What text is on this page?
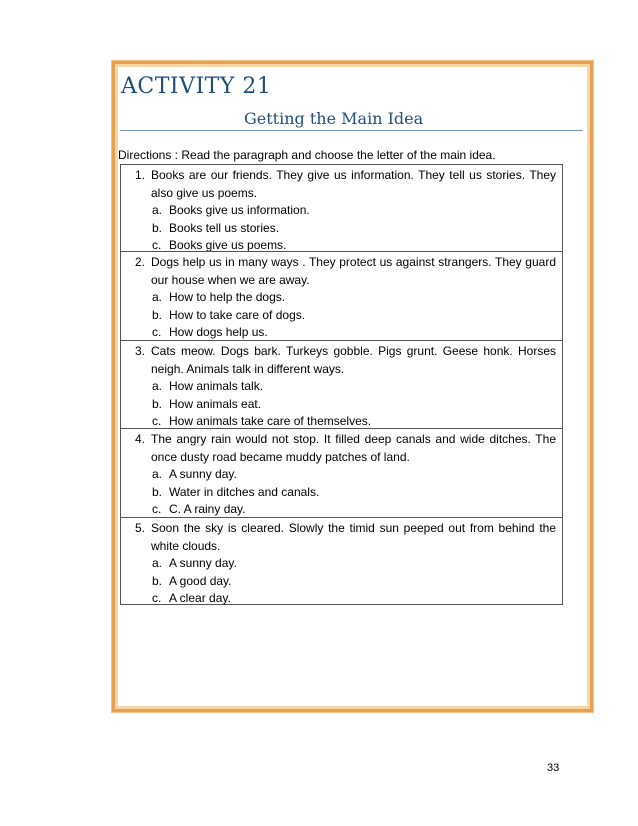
ACTIVITY 21
Getting the Main Idea
Directions : Read the paragraph and choose the letter of the main idea.
1. Books are our friends. They give us information. They tell us stories. They also give us poems.
a. Books give us information.
b. Books tell us stories.
c. Books give us poems.
2. Dogs help us in many ways . They protect us against strangers. They guard our house when we are away.
a. How to help the dogs.
b. How to take care of dogs.
c. How dogs help us.
3. Cats meow. Dogs bark. Turkeys gobble. Pigs grunt. Geese honk. Horses neigh. Animals talk in different ways.
a. How animals talk.
b. How animals eat.
c. How animals take care of themselves.
4. The angry rain would not stop. It filled deep canals and wide ditches. The once dusty road became muddy patches of land.
a. A sunny day.
b. Water in ditches and canals.
c. C. A rainy day.
5. Soon the sky is cleared. Slowly the timid sun peeped out from behind the white clouds.
a. A sunny day.
b. A good day.
c. A clear day.
33
